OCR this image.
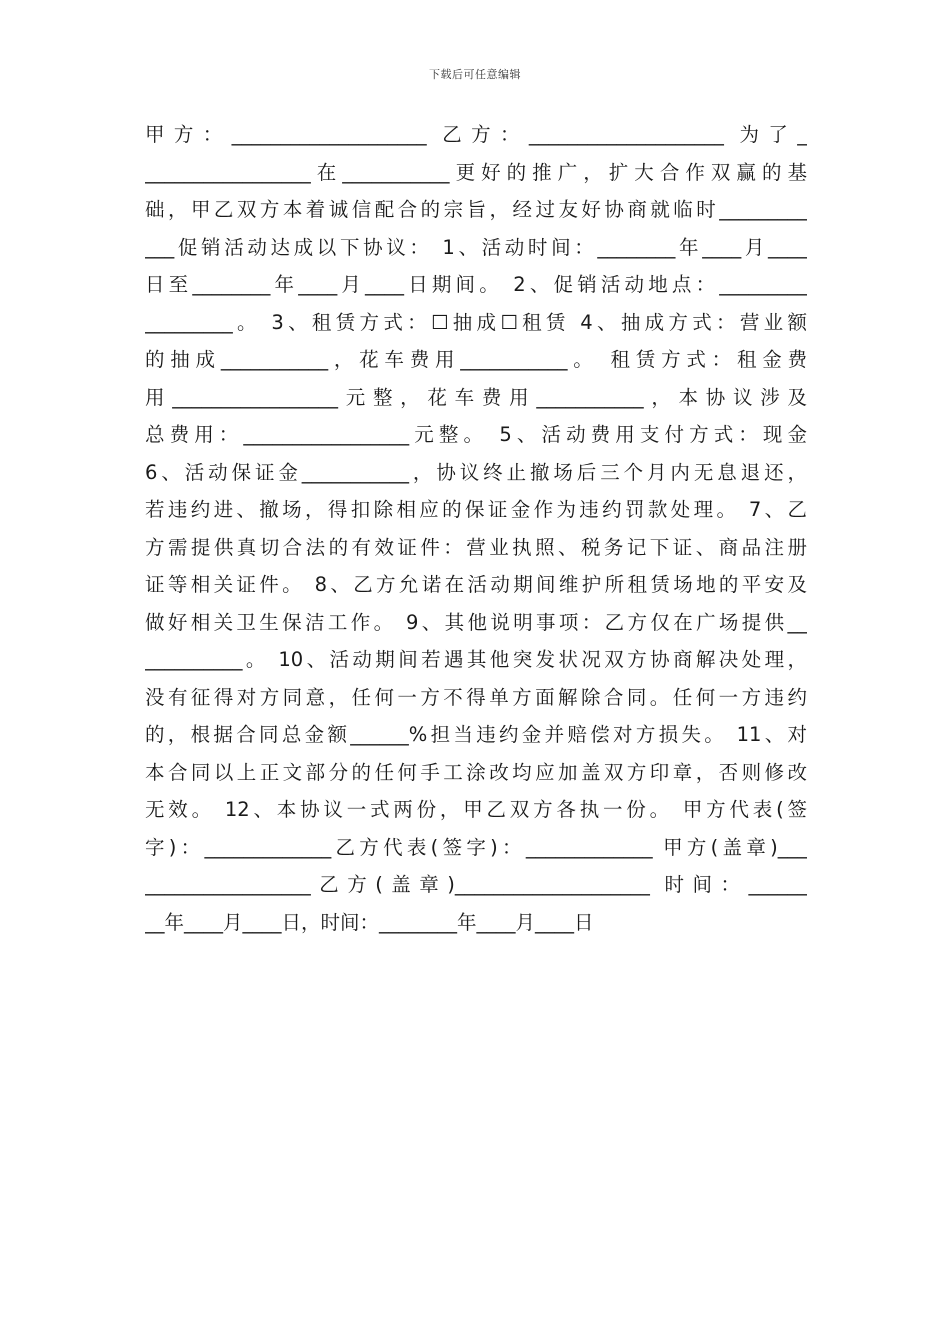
下载后可任意编辑
甲方：____________________ 乙方：____________________ 为了_
_________________在___________更好的推广，扩大合作双赢的基
础，甲乙双方本着诚信配合的宗旨，经过友好协商就临时_________
___促销活动达成以下协议： 1、活动时间：________年____月____
日至________年____月____日期间。 2、促销活动地点：_________
_________。 3、租赁方式：☐抽成☐租赁 4、抽成方式：营业额
的抽成___________，花车费用___________。 租赁方式：租金费
用_________________元整，花车费用___________，本协议涉及
总费用：_________________元整。 5、活动费用支付方式：现金
6、活动保证金___________，协议终止撤场后三个月内无息退还，
若违约进、撤场，得扣除相应的保证金作为违约罚款处理。 7、乙
方需提供真切合法的有效证件：营业执照、税务记下证、商品注册
证等相关证件。 8、乙方允诺在活动期间维护所租赁场地的平安及
做好相关卫生保洁工作。 9、其他说明事项：乙方仅在广场提供__
__________。 10、活动期间若遇其他突发状况双方协商解决处理，
没有征得对方同意，任何一方不得单方面解除合同。任何一方违约
的，根据合同总金额______%担当违约金并赔偿对方损失。 11、对
本合同以上正文部分的任何手工涂改均应加盖双方印章，否则修改
无效。 12、本协议一式两份，甲乙双方各执一份。 甲方代表(签
字)：_____________乙方代表(签字)：_____________ 甲方(盖章)___
_________________乙方(盖章)____________________ 时间：______
__年____月____日，时间：________年____月____日
